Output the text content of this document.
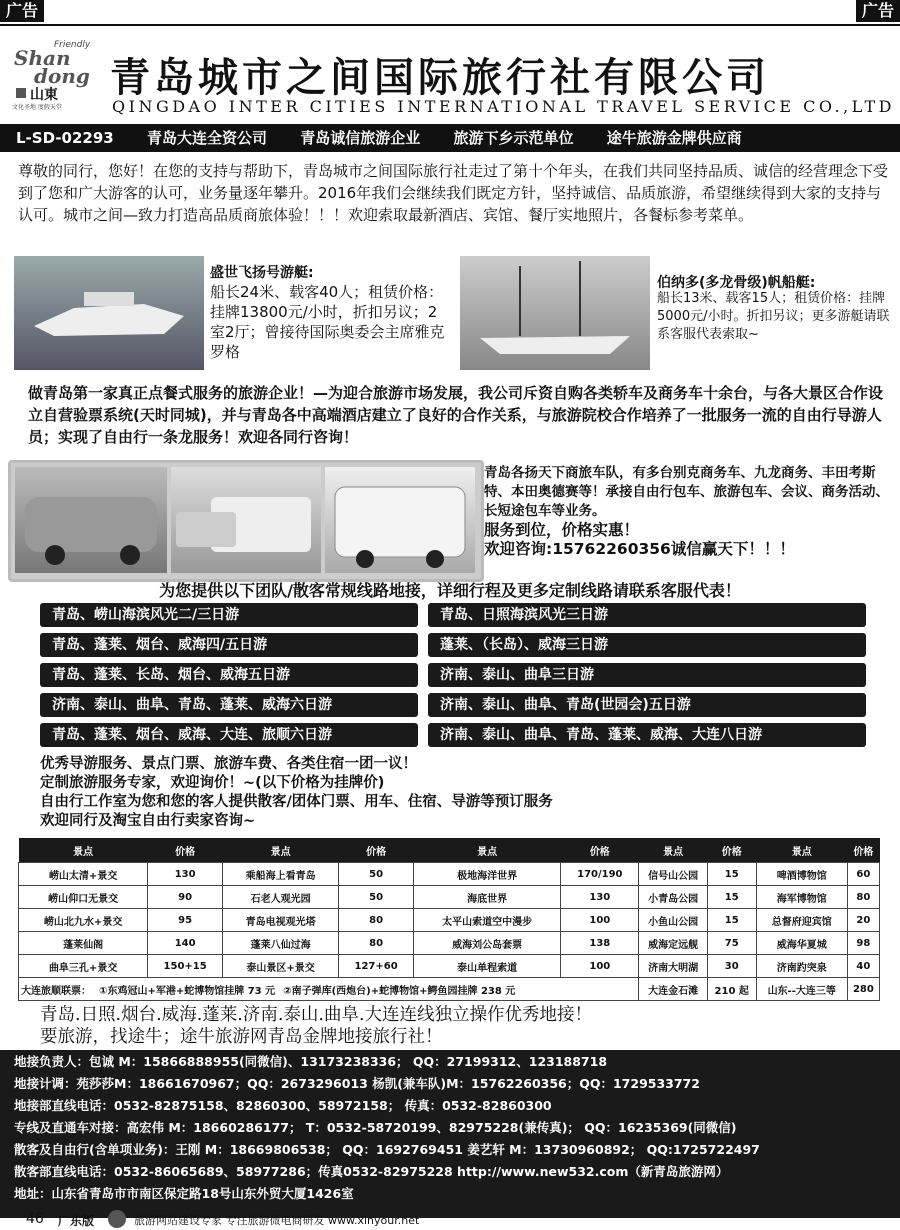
广告	广告
Friendly
Shan
dong
山東
文化圣地 度假天堂
青岛城市之间国际旅行社有限公司
QINGDAO INTER CITIES INTERNATIONAL TRAVEL SERVICE CO.,LTD
L-SD-02293 青岛大连全资公司 青岛诚信旅游企业 旅游下乡示范单位 途牛旅游金牌供应商
尊敬的同行，您好！在您的支持与帮助下，青岛城市之间国际旅行社走过了第十个年头，在我们共同坚持品质、诚信的经营理念下受到了您和广大游客的认可，业务量逐年攀升。2016年我们会继续我们既定方针，坚持诚信、品质旅游，希望继续得到大家的支持与认可。城市之间—致力打造高品质商旅体验！！！欢迎索取最新酒店、宾馆、餐厅实地照片，各餐标参考菜单。
盛世飞扬号游艇:
船长24米、载客40人；租赁价格：挂牌13800元/小时，折扣另议；2室2厅；曾接待国际奥委会主席雅克罗格
伯纳多(多龙骨级)帆船艇:
船长13米、载客15人；租赁价格：挂牌5000元/小时。折扣另议；更多游艇请联系客服代表索取~
做青岛第一家真正点餐式服务的旅游企业！—为迎合旅游市场发展，我公司斥资自购各类轿车及商务车十余台，与各大景区合作设立自营验票系统(天时同城)，并与青岛各中高端酒店建立了良好的合作关系，与旅游院校合作培养了一批服务一流的自由行导游人员；实现了自由行一条龙服务！欢迎各同行咨询！
青岛各扬天下商旅车队，有多台别克商务车、九龙商务、丰田考斯特、本田奥德赛等！承接自由行包车、旅游包车、会议、商务活动、长短途包车等业务。
服务到位，价格实惠！
欢迎咨询:15762260356诚信赢天下！！！
为您提供以下团队/散客常规线路地接，详细行程及更多定制线路请联系客服代表！
青岛、崂山海滨风光二/三日游	青岛、日照海滨风光三日游
青岛、蓬莱、烟台、威海四/五日游	蓬莱、（长岛）、威海三日游
青岛、蓬莱、长岛、烟台、威海五日游	济南、泰山、曲阜三日游
济南、泰山、曲阜、青岛、蓬莱、威海六日游	济南、泰山、曲阜、青岛(世园会)五日游
青岛、蓬莱、烟台、威海、大连、旅顺六日游	济南、泰山、曲阜、青岛、蓬莱、威海、大连八日游
优秀导游服务、景点门票、旅游车费、各类住宿一团一议！
定制旅游服务专家，欢迎询价！~(以下价格为挂牌价)
自由行工作室为您和您的客人提供散客/团体门票、用车、住宿、导游等预订服务
欢迎同行及淘宝自由行卖家咨询~
景点	价格	景点	价格	景点	价格	景点	价格	景点	价格
崂山太清+景交	130	乘船海上看青岛	50	极地海洋世界	170/190	信号山公园	15	啤酒博物馆	60
崂山仰口无景交	90	石老人观光园	50	海底世界	130	小青岛公园	15	海军博物馆	80
崂山北九水+景交	95	青岛电视观光塔	80	太平山索道空中漫步	100	小鱼山公园	15	总督府迎宾馆	20
蓬莱仙阁	140	蓬莱八仙过海	80	威海刘公岛套票	138	威海定远舰	75	威海华夏城	98
曲阜三孔+景交	150+15	泰山景区+景交	127+60	泰山单程索道	100	济南大明湖	30	济南趵突泉	40
大连旅顺联票： ①东鸡冠山+军港+蛇博物馆挂牌 73 元 ②南子弹库(西炮台)+蛇博物馆+鳄鱼园挂牌 238 元						大连金石滩	210 起	山东--大连三等	280
青岛.日照.烟台.威海.蓬莱.济南.泰山.曲阜.大连连线独立操作优秀地接！
要旅游，找途牛；途牛旅游网青岛金牌地接旅行社！
地接负责人：包诚 M：15866888955(同微信)、13173238336； QQ：27199312、123188718
地接计调：苑莎莎M：18661670967；QQ：2673296013 杨凯(兼车队)M：15762260356；QQ：1729533772
地接部直线电话：0532-82875158、82860300、58972158； 传真：0532-82860300
专线及直通车对接：高宏伟 M：18660286177； T：0532-58720199、82975228(兼传真)； QQ：16235369(同微信)
散客及自由行(含单项业务)：王刚 M：18669806538； QQ：1692769451 姜艺轩 M：13730960892； QQ:1725722497
散客部直线电话：0532-86065689、58977286；传真0532-82975228 http://www.new532.com（新青岛旅游网）
地址：山东省青岛市市南区保定路18号山东外贸大厦1426室
46 广东版	旅游网站建设专家 专注旅游微电商研发 www.xinyour.net
